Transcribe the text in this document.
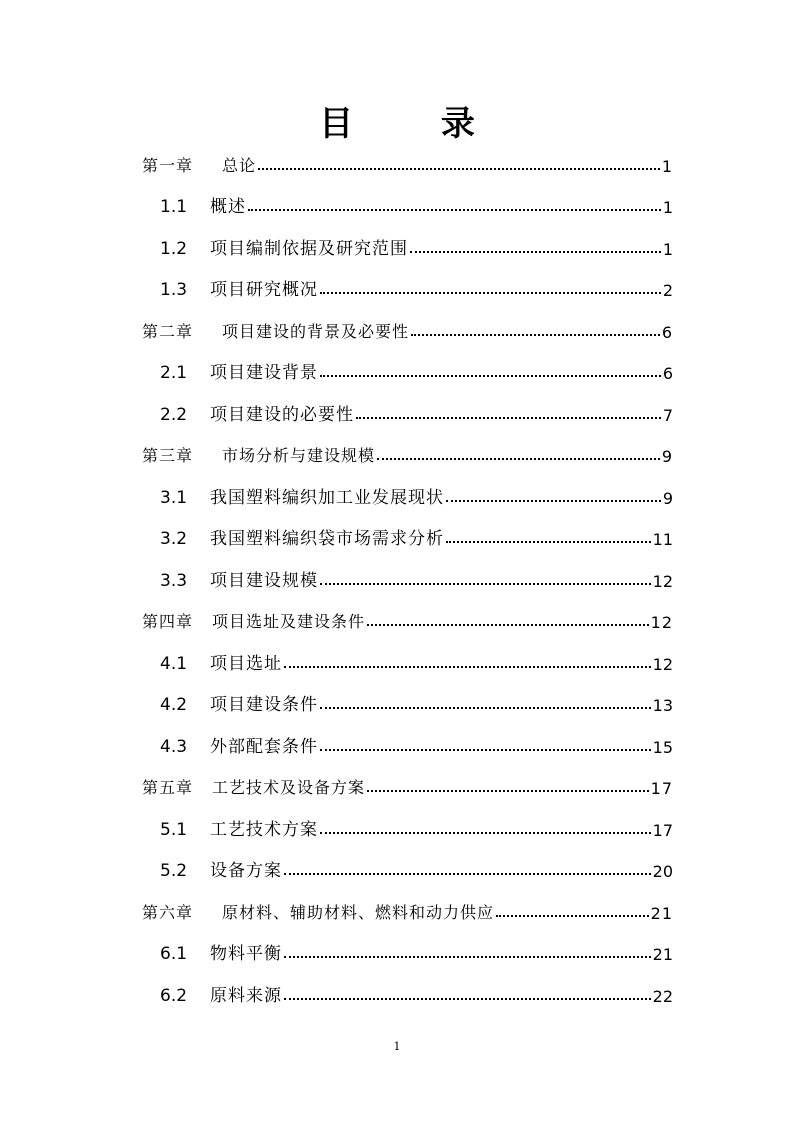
目 录
第一章	总论	1
1.1	概述	1
1.2	项目编制依据及研究范围	1
1.3	项目研究概况	2
第二章	项目建设的背景及必要性	6
2.1	项目建设背景	6
2.2	项目建设的必要性	7
第三章	市场分析与建设规模	9
3.1	我国塑料编织加工业发展现状	9
3.2	我国塑料编织袋市场需求分析	11
3.3	项目建设规模	12
第四章	项目选址及建设条件	12
4.1	项目选址	12
4.2	项目建设条件	13
4.3	外部配套条件	15
第五章	工艺技术及设备方案	17
5.1	工艺技术方案	17
5.2	设备方案	20
第六章	原材料、辅助材料、燃料和动力供应	21
6.1	物料平衡	21
6.2	原料来源	22
1
